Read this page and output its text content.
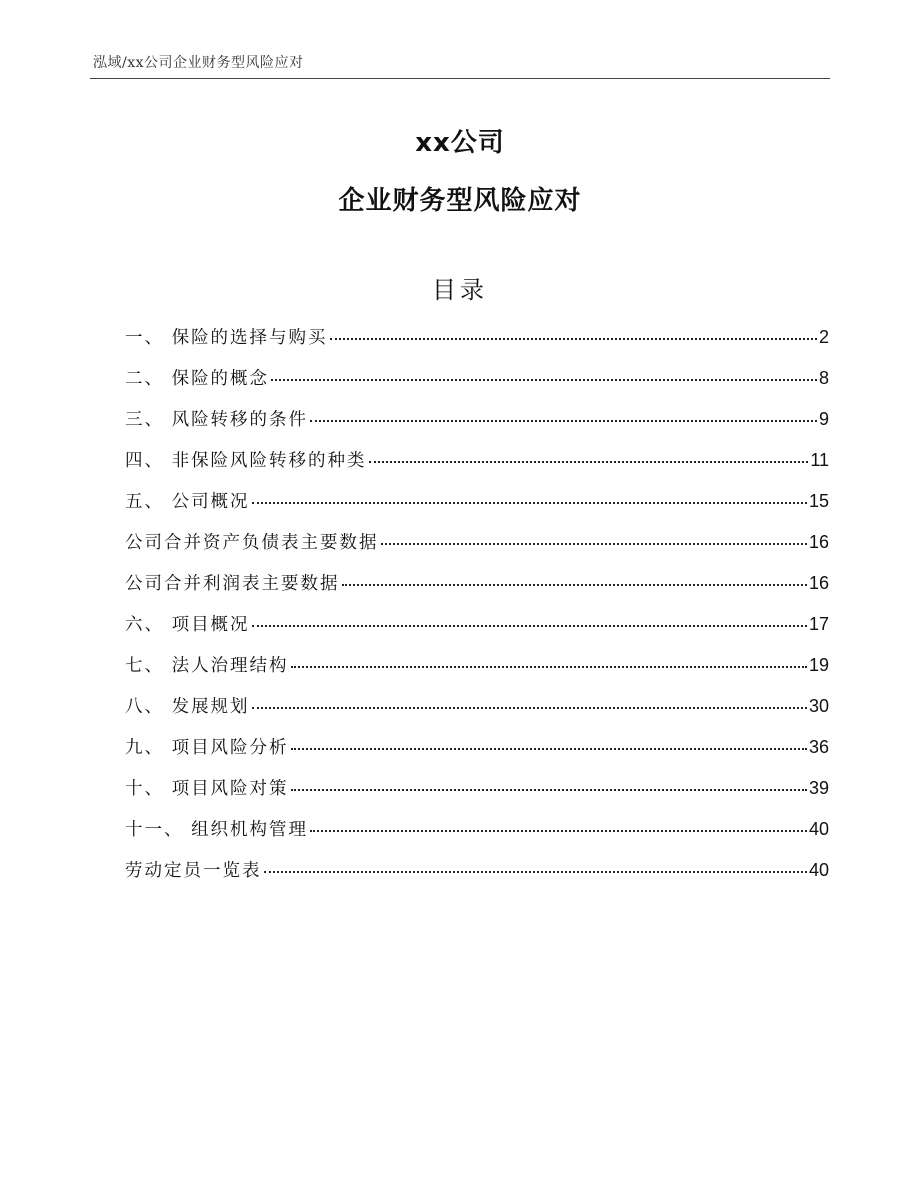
泓域/xx公司企业财务型风险应对
xx公司
企业财务型风险应对
目录
一、 保险的选择与购买	2
二、 保险的概念	8
三、 风险转移的条件	9
四、 非保险风险转移的种类	11
五、 公司概况	15
公司合并资产负债表主要数据	16
公司合并利润表主要数据	16
六、 项目概况	17
七、 法人治理结构	19
八、 发展规划	30
九、 项目风险分析	36
十、 项目风险对策	39
十一、 组织机构管理	40
劳动定员一览表	40
